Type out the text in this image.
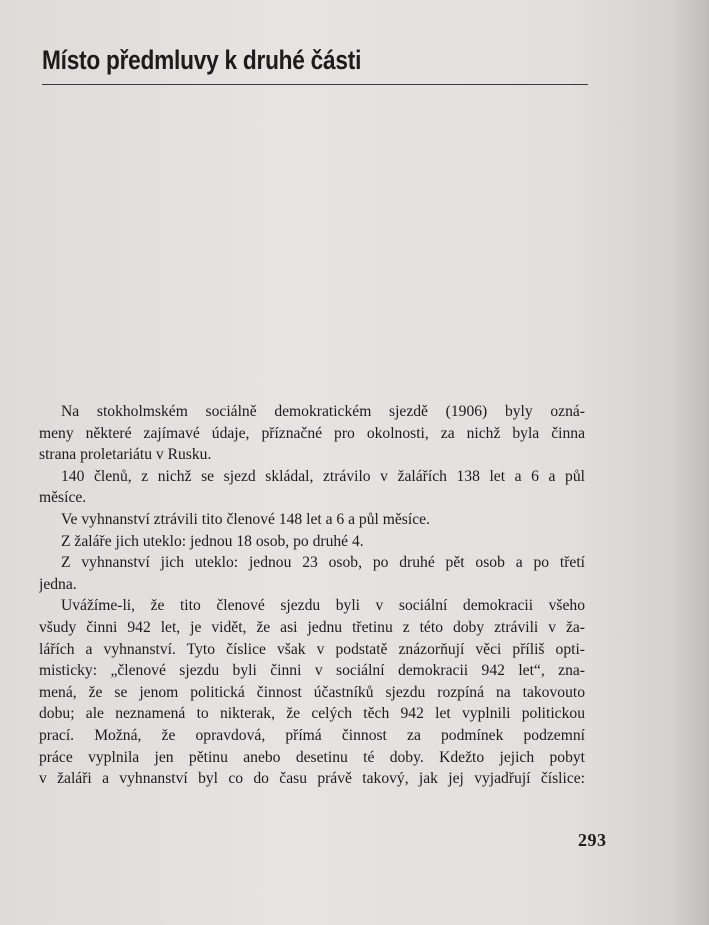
Místo předmluvy k druhé části
Na stokholmském sociálně demokratickém sjezdě (1906) byly ozná-
meny některé zajímavé údaje, příznačné pro okolnosti, za nichž byla činna
strana proletariátu v Rusku.
140 členů, z nichž se sjezd skládal, ztrávilo v žalářích 138 let a 6 a půl
měsíce.
Ve vyhnanství ztrávili tito členové 148 let a 6 a půl měsíce.
Z žaláře jich uteklo: jednou 18 osob, po druhé 4.
Z vyhnanství jich uteklo: jednou 23 osob, po druhé pět osob a po třetí
jedna.
Uvážíme-li, že tito členové sjezdu byli v sociální demokracii všeho
všudy činni 942 let, je vidět, že asi jednu třetinu z této doby ztrávili v ža-
lářích a vyhnanství. Tyto číslice však v podstatě znázorňují věci příliš opti-
misticky: „členové sjezdu byli činni v sociální demokracii 942 let“, zna-
mená, že se jenom politická činnost účastníků sjezdu rozpíná na takovouto
dobu; ale neznamená to nikterak, že celých těch 942 let vyplnili politickou
prací. Možná, že opravdová, přímá činnost za podmínek podzemní
práce vyplnila jen pětinu anebo desetinu té doby. Kdežto jejich pobyt
v žaláři a vyhnanství byl co do času právě takový, jak jej vyjadřují číslice:
293
